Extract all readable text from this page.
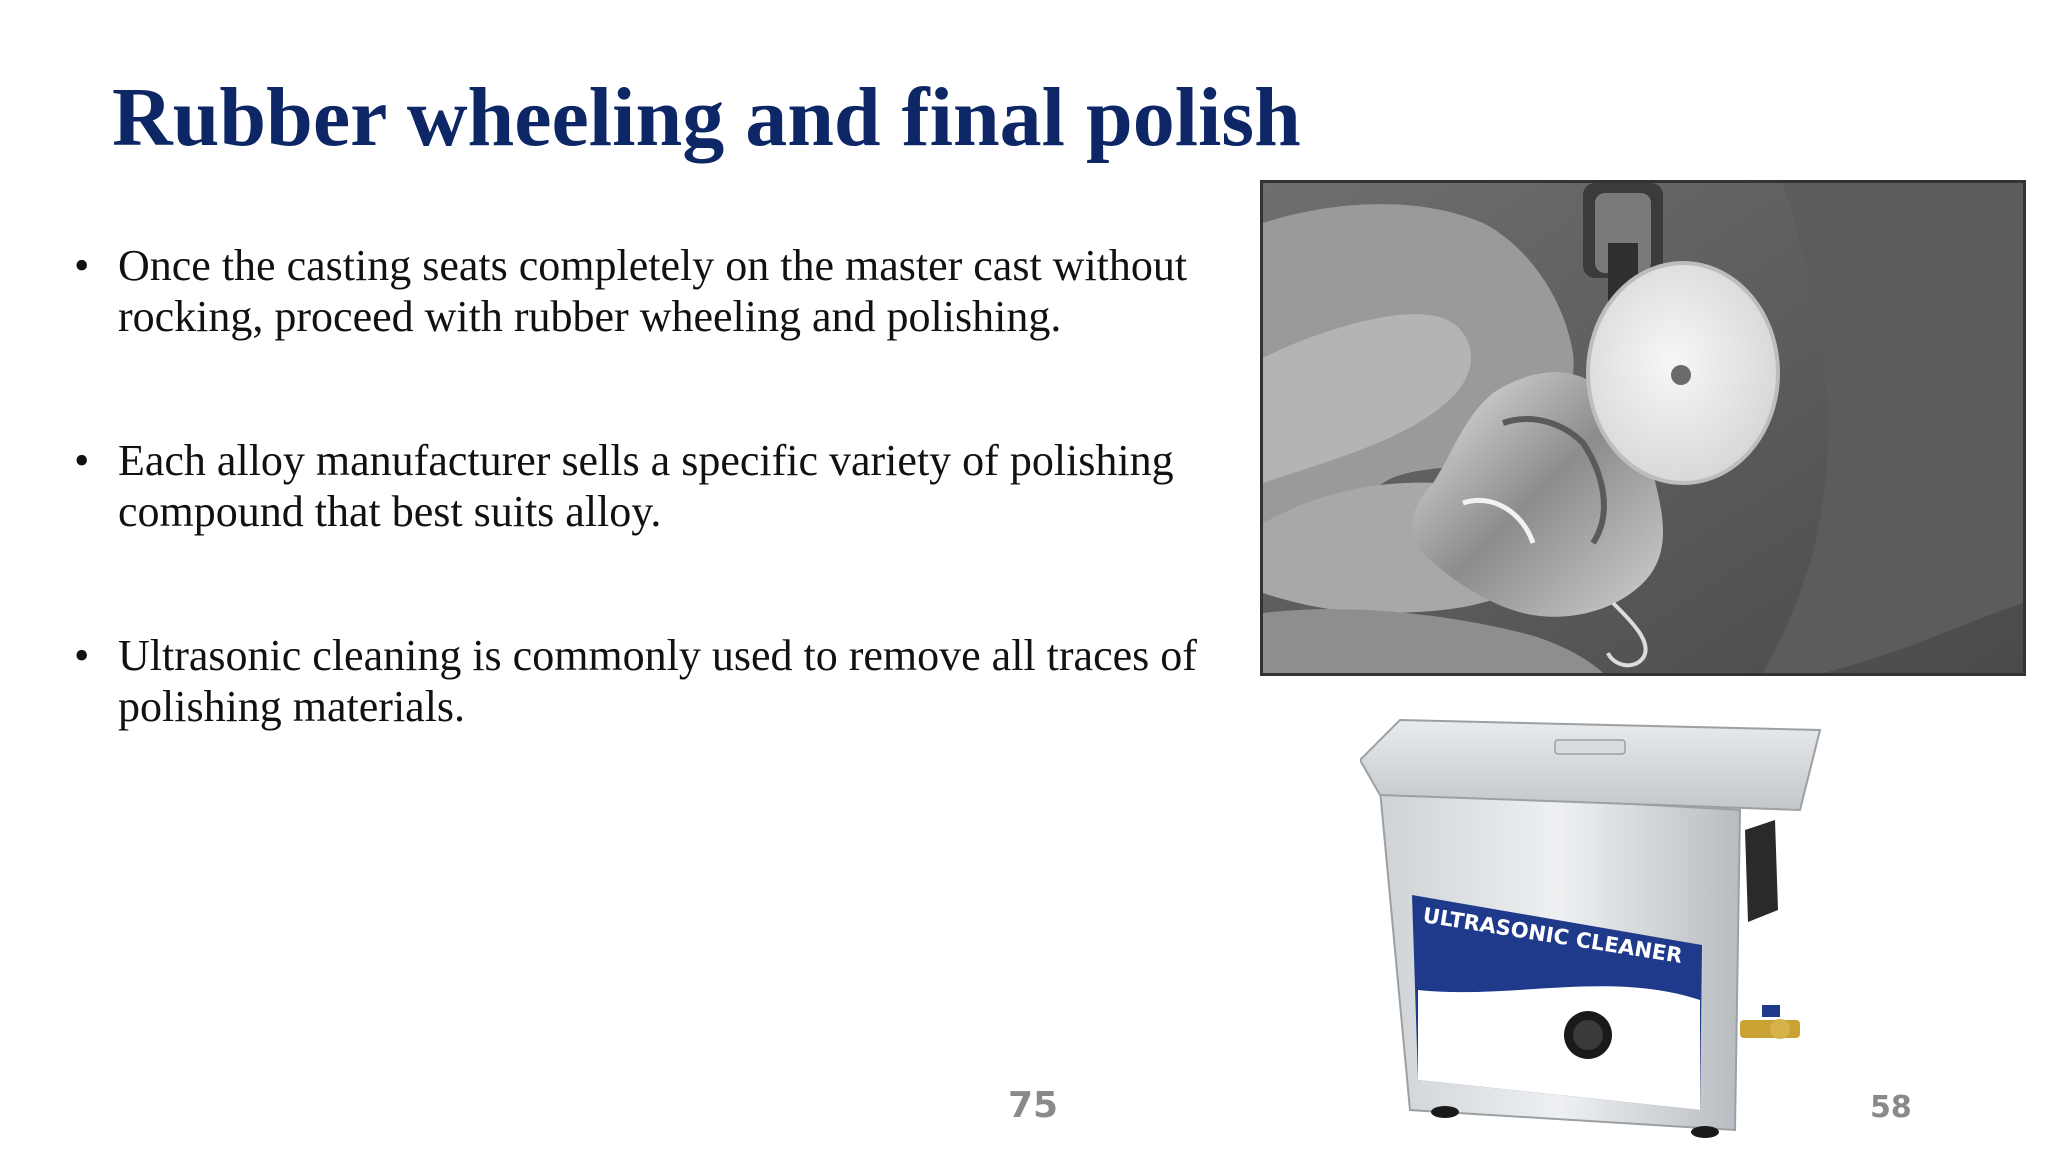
Rubber wheeling and final polish
• Once the casting seats completely on the master cast without rocking, proceed with rubber wheeling and polishing.
• Each alloy manufacturer sells a specific variety of polishing compound that best suits alloy.
• Ultrasonic cleaning is commonly used to remove all traces of polishing materials.
ULTRASONIC CLEANER
75	58
